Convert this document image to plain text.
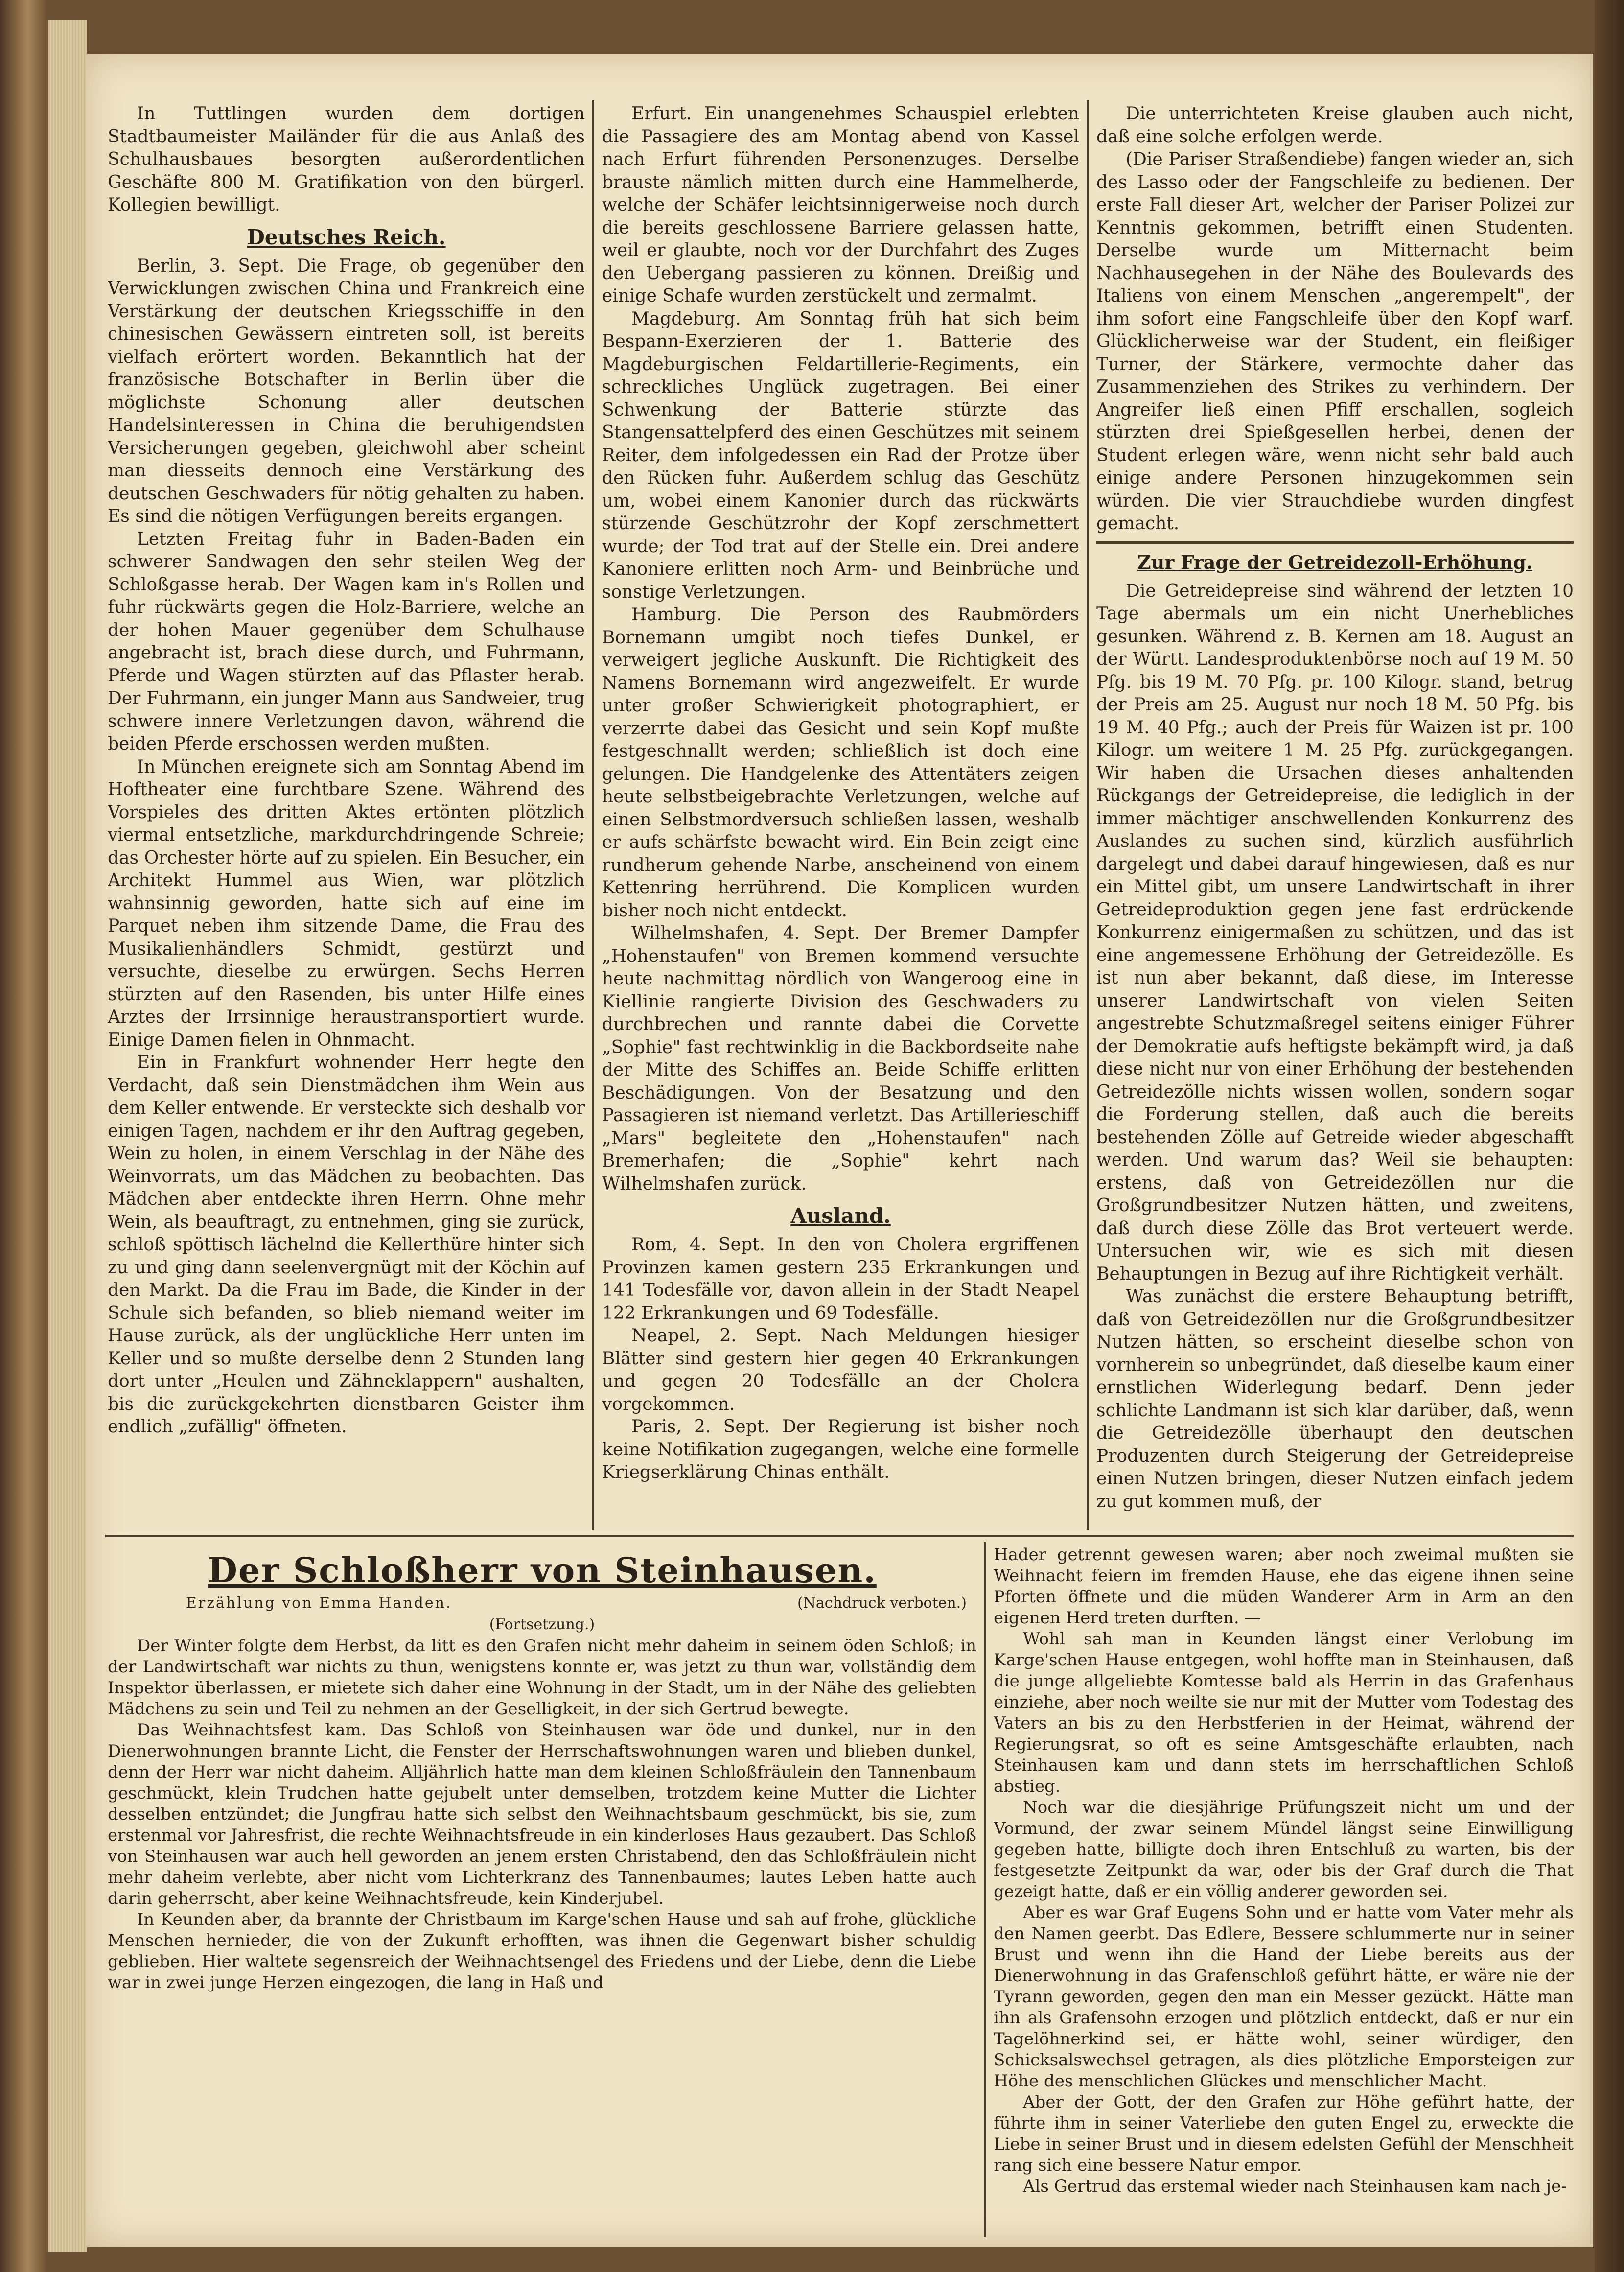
In Tuttlingen wurden dem dortigen Stadtbaumeister Mailänder für die aus Anlaß des Schulhausbaues besorgten außerordentlichen Geschäfte 800 M. Gratifikation von den bürgerl. Kollegien bewilligt.

Deutsches Reich.

Berlin, 3. Sept. Die Frage, ob gegenüber den Verwicklungen zwischen China und Frankreich eine Verstärkung der deutschen Kriegsschiffe in den chinesischen Gewässern eintreten soll, ist bereits vielfach erörtert worden. Bekanntlich hat der französische Botschafter in Berlin über die möglichste Schonung aller deutschen Handelsinteressen in China die beruhigendsten Versicherungen gegeben, gleichwohl aber scheint man diesseits dennoch eine Verstärkung des deutschen Geschwaders für nötig gehalten zu haben. Es sind die nötigen Verfügungen bereits ergangen.

Letzten Freitag fuhr in Baden-Baden ein schwerer Sandwagen den sehr steilen Weg der Schloßgasse herab. Der Wagen kam in's Rollen und fuhr rückwärts gegen die Holz-Barriere, welche an der hohen Mauer gegenüber dem Schulhause angebracht ist, brach diese durch, und Fuhrmann, Pferde und Wagen stürzten auf das Pflaster herab. Der Fuhrmann, ein junger Mann aus Sandweier, trug schwere innere Verletzungen davon, während die beiden Pferde erschossen werden mußten.

In München ereignete sich am Sonntag Abend im Hoftheater eine furchtbare Szene. Während des Vorspieles des dritten Aktes ertönten plötzlich viermal entsetzliche, markdurchdringende Schreie; das Orchester hörte auf zu spielen. Ein Besucher, ein Architekt Hummel aus Wien, war plötzlich wahnsinnig geworden, hatte sich auf eine im Parquet neben ihm sitzende Dame, die Frau des Musikalienhändlers Schmidt, gestürzt und versuchte, dieselbe zu erwürgen. Sechs Herren stürzten auf den Rasenden, bis unter Hilfe eines Arztes der Irrsinnige heraustransportiert wurde. Einige Damen fielen in Ohnmacht.

Ein in Frankfurt wohnender Herr hegte den Verdacht, daß sein Dienstmädchen ihm Wein aus dem Keller entwende. Er versteckte sich deshalb vor einigen Tagen, nachdem er ihr den Auftrag gegeben, Wein zu holen, in einem Verschlag in der Nähe des Weinvorrats, um das Mädchen zu beobachten. Das Mädchen aber entdeckte ihren Herrn. Ohne mehr Wein, als beauftragt, zu entnehmen, ging sie zurück, schloß spöttisch lächelnd die Kellerthüre hinter sich zu und ging dann seelenvergnügt mit der Köchin auf den Markt. Da die Frau im Bade, die Kinder in der Schule sich befanden, so blieb niemand weiter im Hause zurück, als der unglückliche Herr unten im Keller und so mußte derselbe denn 2 Stunden lang dort unter „Heulen und Zähneklappern" aushalten, bis die zurückgekehrten dienstbaren Geister ihm endlich „zufällig" öffneten.

Erfurt. Ein unangenehmes Schauspiel erlebten die Passagiere des am Montag abend von Kassel nach Erfurt führenden Personenzuges. Derselbe brauste nämlich mitten durch eine Hammelherde, welche der Schäfer leichtsinnigerweise noch durch die bereits geschlossene Barriere gelassen hatte, weil er glaubte, noch vor der Durchfahrt des Zuges den Uebergang passieren zu können. Dreißig und einige Schafe wurden zerstückelt und zermalmt.

Magdeburg. Am Sonntag früh hat sich beim Bespann-Exerzieren der 1. Batterie des Magdeburgischen Feldartillerie-Regiments, ein schreckliches Unglück zugetragen. Bei einer Schwenkung der Batterie stürzte das Stangensattelpferd des einen Geschützes mit seinem Reiter, dem infolgedessen ein Rad der Protze über den Rücken fuhr. Außerdem schlug das Geschütz um, wobei einem Kanonier durch das rückwärts stürzende Geschützrohr der Kopf zerschmettert wurde; der Tod trat auf der Stelle ein. Drei andere Kanoniere erlitten noch Arm- und Beinbrüche und sonstige Verletzungen.

Hamburg. Die Person des Raubmörders Bornemann umgibt noch tiefes Dunkel, er verweigert jegliche Auskunft. Die Richtigkeit des Namens Bornemann wird angezweifelt. Er wurde unter großer Schwierigkeit photographiert, er verzerrte dabei das Gesicht und sein Kopf mußte festgeschnallt werden; schließlich ist doch eine gelungen. Die Handgelenke des Attentäters zeigen heute selbstbeigebrachte Verletzungen, welche auf einen Selbstmordversuch schließen lassen, weshalb er aufs schärfste bewacht wird. Ein Bein zeigt eine rundherum gehende Narbe, anscheinend von einem Kettenring herrührend. Die Komplicen wurden bisher noch nicht entdeckt.

Wilhelmshafen, 4. Sept. Der Bremer Dampfer „Hohenstaufen" von Bremen kommend versuchte heute nachmittag nördlich von Wangeroog eine in Kiellinie rangierte Division des Geschwaders zu durchbrechen und rannte dabei die Corvette „Sophie" fast rechtwinklig in die Backbordseite nahe der Mitte des Schiffes an. Beide Schiffe erlitten Beschädigungen. Von der Besatzung und den Passagieren ist niemand verletzt. Das Artillerieschiff „Mars" begleitete den „Hohenstaufen" nach Bremerhafen; die „Sophie" kehrt nach Wilhelmshafen zurück.

Ausland.

Rom, 4. Sept. In den von Cholera ergriffenen Provinzen kamen gestern 235 Erkrankungen und 141 Todesfälle vor, davon allein in der Stadt Neapel 122 Erkrankungen und 69 Todesfälle.

Neapel, 2. Sept. Nach Meldungen hiesiger Blätter sind gestern hier gegen 40 Erkrankungen und gegen 20 Todesfälle an der Cholera vorgekommen.

Paris, 2. Sept. Der Regierung ist bisher noch keine Notifikation zugegangen, welche eine formelle Kriegserklärung Chinas enthält.

Die unterrichteten Kreise glauben auch nicht, daß eine solche erfolgen werde.

(Die Pariser Straßendiebe) fangen wieder an, sich des Lasso oder der Fangschleife zu bedienen. Der erste Fall dieser Art, welcher der Pariser Polizei zur Kenntnis gekommen, betrifft einen Studenten. Derselbe wurde um Mitternacht beim Nachhausegehen in der Nähe des Boulevards des Italiens von einem Menschen „angerempelt", der ihm sofort eine Fangschleife über den Kopf warf. Glücklicherweise war der Student, ein fleißiger Turner, der Stärkere, vermochte daher das Zusammenziehen des Strikes zu verhindern. Der Angreifer ließ einen Pfiff erschallen, sogleich stürzten drei Spießgesellen herbei, denen der Student erlegen wäre, wenn nicht sehr bald auch einige andere Personen hinzugekommen sein würden. Die vier Strauchdiebe wurden dingfest gemacht.

Zur Frage der Getreidezoll-Erhöhung.

Die Getreidepreise sind während der letzten 10 Tage abermals um ein nicht Unerhebliches gesunken. Während z. B. Kernen am 18. August an der Württ. Landesproduktenbörse noch auf 19 M. 50 Pfg. bis 19 M. 70 Pfg. pr. 100 Kilogr. stand, betrug der Preis am 25. August nur noch 18 M. 50 Pfg. bis 19 M. 40 Pfg.; auch der Preis für Waizen ist pr. 100 Kilogr. um weitere 1 M. 25 Pfg. zurückgegangen. Wir haben die Ursachen dieses anhaltenden Rückgangs der Getreidepreise, die lediglich in der immer mächtiger anschwellenden Konkurrenz des Auslandes zu suchen sind, kürzlich ausführlich dargelegt und dabei darauf hingewiesen, daß es nur ein Mittel gibt, um unsere Landwirtschaft in ihrer Getreideproduktion gegen jene fast erdrückende Konkurrenz einigermaßen zu schützen, und das ist eine angemessene Erhöhung der Getreidezölle. Es ist nun aber bekannt, daß diese, im Interesse unserer Landwirtschaft von vielen Seiten angestrebte Schutzmaßregel seitens einiger Führer der Demokratie aufs heftigste bekämpft wird, ja daß diese nicht nur von einer Erhöhung der bestehenden Getreidezölle nichts wissen wollen, sondern sogar die Forderung stellen, daß auch die bereits bestehenden Zölle auf Getreide wieder abgeschafft werden. Und warum das? Weil sie behaupten: erstens, daß von Getreidezöllen nur die Großgrundbesitzer Nutzen hätten, und zweitens, daß durch diese Zölle das Brot verteuert werde. Untersuchen wir, wie es sich mit diesen Behauptungen in Bezug auf ihre Richtigkeit verhält.

Was zunächst die erstere Behauptung betrifft, daß von Getreidezöllen nur die Großgrundbesitzer Nutzen hätten, so erscheint dieselbe schon von vornherein so unbegründet, daß dieselbe kaum einer ernstlichen Widerlegung bedarf. Denn jeder schlichte Landmann ist sich klar darüber, daß, wenn die Getreidezölle überhaupt den deutschen Produzenten durch Steigerung der Getreidepreise einen Nutzen bringen, dieser Nutzen einfach jedem zu gut kommen muß, der

Der Schloßherr von Steinhausen.
Erzählung von Emma Handen.	(Nachdruck verboten.)

(Fortsetzung.)

Der Winter folgte dem Herbst, da litt es den Grafen nicht mehr daheim in seinem öden Schloß; in der Landwirtschaft war nichts zu thun, wenigstens konnte er, was jetzt zu thun war, vollständig dem Inspektor überlassen, er mietete sich daher eine Wohnung in der Stadt, um in der Nähe des geliebten Mädchens zu sein und Teil zu nehmen an der Geselligkeit, in der sich Gertrud bewegte.

Das Weihnachtsfest kam. Das Schloß von Steinhausen war öde und dunkel, nur in den Dienerwohnungen brannte Licht, die Fenster der Herrschaftswohnungen waren und blieben dunkel, denn der Herr war nicht daheim. Alljährlich hatte man dem kleinen Schloßfräulein den Tannenbaum geschmückt, klein Trudchen hatte gejubelt unter demselben, trotzdem keine Mutter die Lichter desselben entzündet; die Jungfrau hatte sich selbst den Weihnachtsbaum geschmückt, bis sie, zum erstenmal vor Jahresfrist, die rechte Weihnachtsfreude in ein kinderloses Haus gezaubert. Das Schloß von Steinhausen war auch hell geworden an jenem ersten Christabend, den das Schloßfräulein nicht mehr daheim verlebte, aber nicht vom Lichterkranz des Tannenbaumes; lautes Leben hatte auch darin geherrscht, aber keine Weihnachtsfreude, kein Kinderjubel.

In Keunden aber, da brannte der Christbaum im Karge'schen Hause und sah auf frohe, glückliche Menschen hernieder, die von der Zukunft erhofften, was ihnen die Gegenwart bisher schuldig geblieben. Hier waltete segensreich der Weihnachtsengel des Friedens und der Liebe, denn die Liebe war in zwei junge Herzen eingezogen, die lang in Haß und

Hader getrennt gewesen waren; aber noch zweimal mußten sie Weihnacht feiern im fremden Hause, ehe das eigene ihnen seine Pforten öffnete und die müden Wanderer Arm in Arm an den eigenen Herd treten durften. —

Wohl sah man in Keunden längst einer Verlobung im Karge'schen Hause entgegen, wohl hoffte man in Steinhausen, daß die junge allgeliebte Komtesse bald als Herrin in das Grafenhaus einziehe, aber noch weilte sie nur mit der Mutter vom Todestag des Vaters an bis zu den Herbstferien in der Heimat, während der Regierungsrat, so oft es seine Amtsgeschäfte erlaubten, nach Steinhausen kam und dann stets im herrschaftlichen Schloß abstieg.

Noch war die diesjährige Prüfungszeit nicht um und der Vormund, der zwar seinem Mündel längst seine Einwilligung gegeben hatte, billigte doch ihren Entschluß zu warten, bis der festgesetzte Zeitpunkt da war, oder bis der Graf durch die That gezeigt hatte, daß er ein völlig anderer geworden sei.

Aber es war Graf Eugens Sohn und er hatte vom Vater mehr als den Namen geerbt. Das Edlere, Bessere schlummerte nur in seiner Brust und wenn ihn die Hand der Liebe bereits aus der Dienerwohnung in das Grafenschloß geführt hätte, er wäre nie der Tyrann geworden, gegen den man ein Messer gezückt. Hätte man ihn als Grafensohn erzogen und plötzlich entdeckt, daß er nur ein Tagelöhnerkind sei, er hätte wohl, seiner würdiger, den Schicksalswechsel getragen, als dies plötzliche Emporsteigen zur Höhe des menschlichen Glückes und menschlicher Macht.

Aber der Gott, der den Grafen zur Höhe geführt hatte, der führte ihm in seiner Vaterliebe den guten Engel zu, erweckte die Liebe in seiner Brust und in diesem edelsten Gefühl der Menschheit rang sich eine bessere Natur empor.

Als Gertrud das erstemal wieder nach Steinhausen kam nach je-
